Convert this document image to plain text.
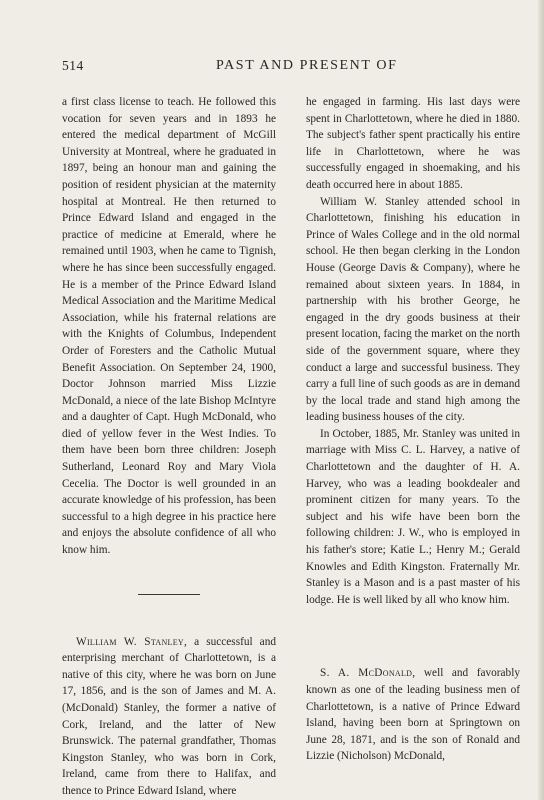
514	PAST AND PRESENT OF

a first class license to teach. He followed this vocation for seven years and in 1893 he entered the medical department of McGill University at Montreal, where he graduated in 1897, being an honour man and gaining the position of resident physician at the maternity hospital at Montreal. He then returned to Prince Edward Island and engaged in the practice of medicine at Emerald, where he remained until 1903, when he came to Tignish, where he has since been successfully engaged. He is a member of the Prince Edward Island Medical Association and the Maritime Medical Association, while his fraternal relations are with the Knights of Columbus, Independent Order of Foresters and the Catholic Mutual Benefit Association. On September 24, 1900, Doctor Johnson married Miss Lizzie McDonald, a niece of the late Bishop McIntyre and a daughter of Capt. Hugh McDonald, who died of yellow fever in the West Indies. To them have been born three children: Joseph Sutherland, Leonard Roy and Mary Viola Cecelia. The Doctor is well grounded in an accurate knowledge of his profession, has been successful to a high degree in his practice here and enjoys the absolute confidence of all who know him.

William W. Stanley, a successful and enterprising merchant of Charlottetown, is a native of this city, where he was born on June 17, 1856, and is the son of James and M. A. (McDonald) Stanley, the former a native of Cork, Ireland, and the latter of New Brunswick. The paternal grandfather, Thomas Kingston Stanley, who was born in Cork, Ireland, came from there to Halifax, and thence to Prince Edward Island, where

he engaged in farming. His last days were spent in Charlottetown, where he died in 1880. The subject's father spent practically his entire life in Charlottetown, where he was successfully engaged in shoemaking, and his death occurred here in about 1885.

William W. Stanley attended school in Charlottetown, finishing his education in Prince of Wales College and in the old normal school. He then began clerking in the London House (George Davis & Company), where he remained about sixteen years. In 1884, in partnership with his brother George, he engaged in the dry goods business at their present location, facing the market on the north side of the government square, where they conduct a large and successful business. They carry a full line of such goods as are in demand by the local trade and stand high among the leading business houses of the city.

In October, 1885, Mr. Stanley was united in marriage with Miss C. L. Harvey, a native of Charlottetown and the daughter of H. A. Harvey, who was a leading bookdealer and prominent citizen for many years. To the subject and his wife have been born the following children: J. W., who is employed in his father's store; Katie L.; Henry M.; Gerald Knowles and Edith Kingston. Fraternally Mr. Stanley is a Mason and is a past master of his lodge. He is well liked by all who know him.

S. A. McDonald, well and favorably known as one of the leading business men of Charlottetown, is a native of Prince Edward Island, having been born at Springtown on June 28, 1871, and is the son of Ronald and Lizzie (Nicholson) McDonald,
